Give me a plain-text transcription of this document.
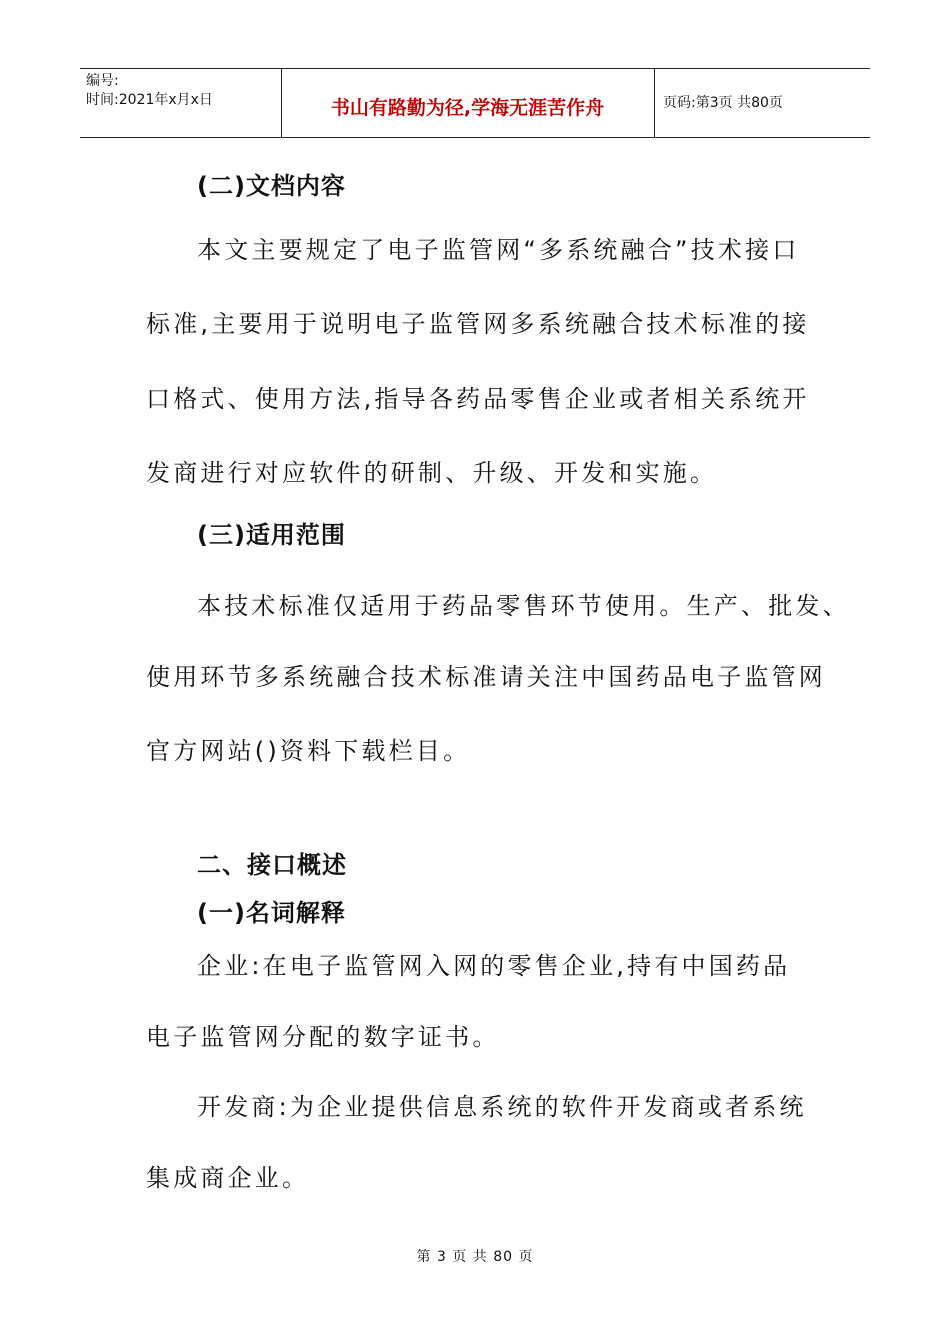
编号:
时间:2021年x月x日	书山有路勤为径,学海无涯苦作舟	页码:第3页 共80页
(二)文档内容
本文主要规定了电子监管网“多系统融合”技术接口
标准,主要用于说明电子监管网多系统融合技术标准的接
口格式、使用方法,指导各药品零售企业或者相关系统开
发商进行对应软件的研制、升级、开发和实施。
(三)适用范围
本技术标准仅适用于药品零售环节使用。生产、批发、
使用环节多系统融合技术标准请关注中国药品电子监管网
官方网站()资料下载栏目。
二、接口概述
(一)名词解释
企业:在电子监管网入网的零售企业,持有中国药品
电子监管网分配的数字证书。
开发商:为企业提供信息系统的软件开发商或者系统
集成商企业。
第 3 页 共 80 页
